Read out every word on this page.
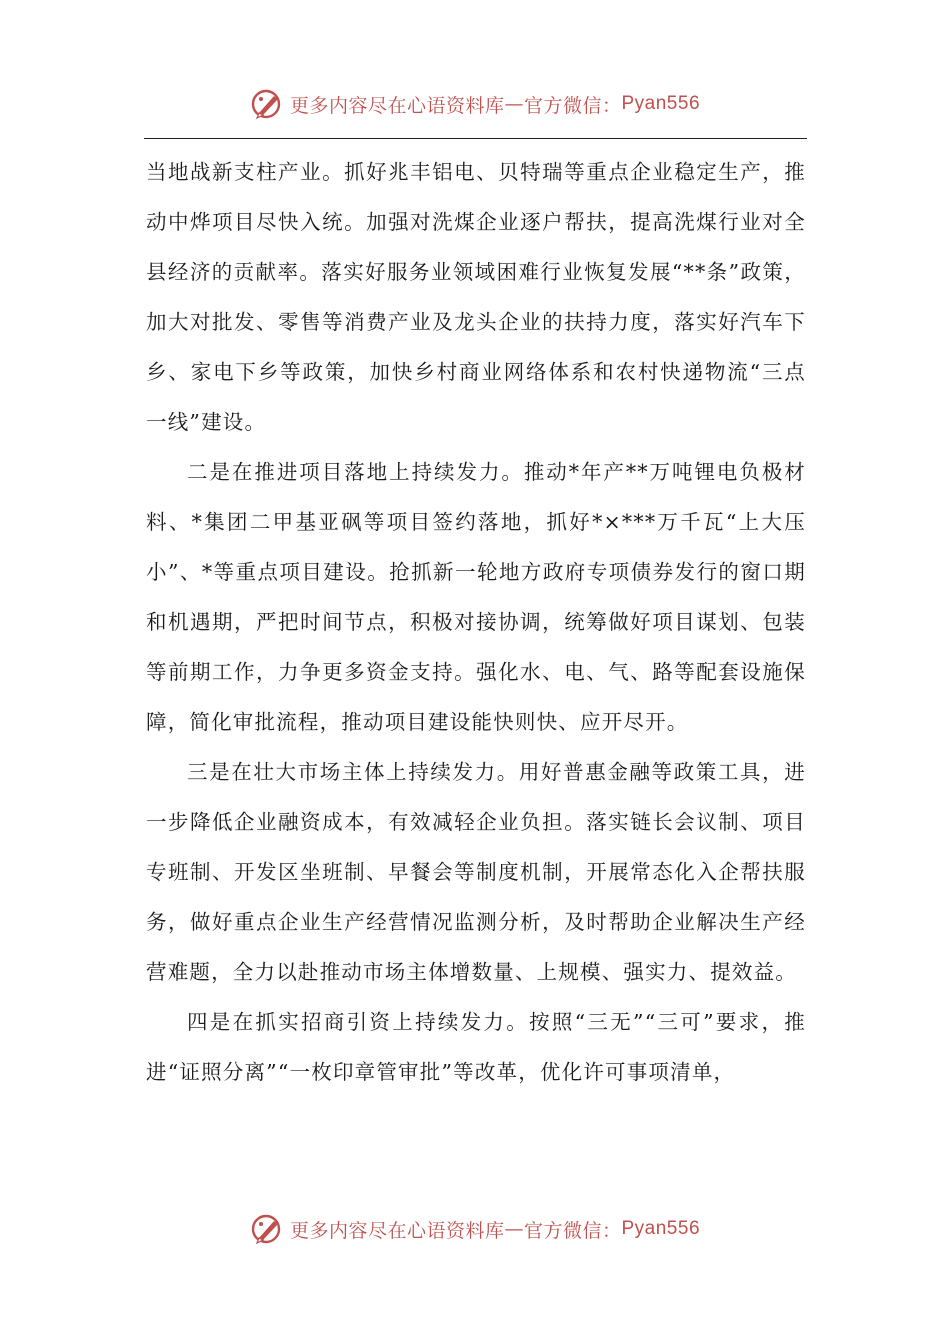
更多内容尽在心语资料库 — 官方微信： Pyan556

当地战新支柱产业。抓好兆丰铝电、贝特瑞等重点企业稳定生产，推动中烨项目尽快入统。加强对洗煤企业逐户帮扶，提高洗煤行业对全县经济的贡献率。落实好服务业领域困难行业恢复发展“**条”政策，加大对批发、零售等消费产业及龙头企业的扶持力度，落实好汽车下乡、家电下乡等政策，加快乡村商业网络体系和农村快递物流“三点一线”建设。

二是在推进项目落地上持续发力。推动*年产**万吨锂电负极材料、*集团二甲基亚砜等项目签约落地，抓好*×***万千瓦“上大压小”、*等重点项目建设。抢抓新一轮地方政府专项债券发行的窗口期和机遇期，严把时间节点，积极对接协调，统筹做好项目谋划、包装等前期工作，力争更多资金支持。强化水、电、气、路等配套设施保障，简化审批流程，推动项目建设能快则快、应开尽开。

三是在壮大市场主体上持续发力。用好普惠金融等政策工具，进一步降低企业融资成本，有效减轻企业负担。落实链长会议制、项目专班制、开发区坐班制、早餐会等制度机制，开展常态化入企帮扶服务，做好重点企业生产经营情况监测分析，及时帮助企业解决生产经营难题，全力以赴推动市场主体增数量、上规模、强实力、提效益。

四是在抓实招商引资上持续发力。按照“三无”“三可”要求，推进“证照分离”“一枚印章管审批”等改革，优化许可事项清单，

更多内容尽在心语资料库 — 官方微信： Pyan556
